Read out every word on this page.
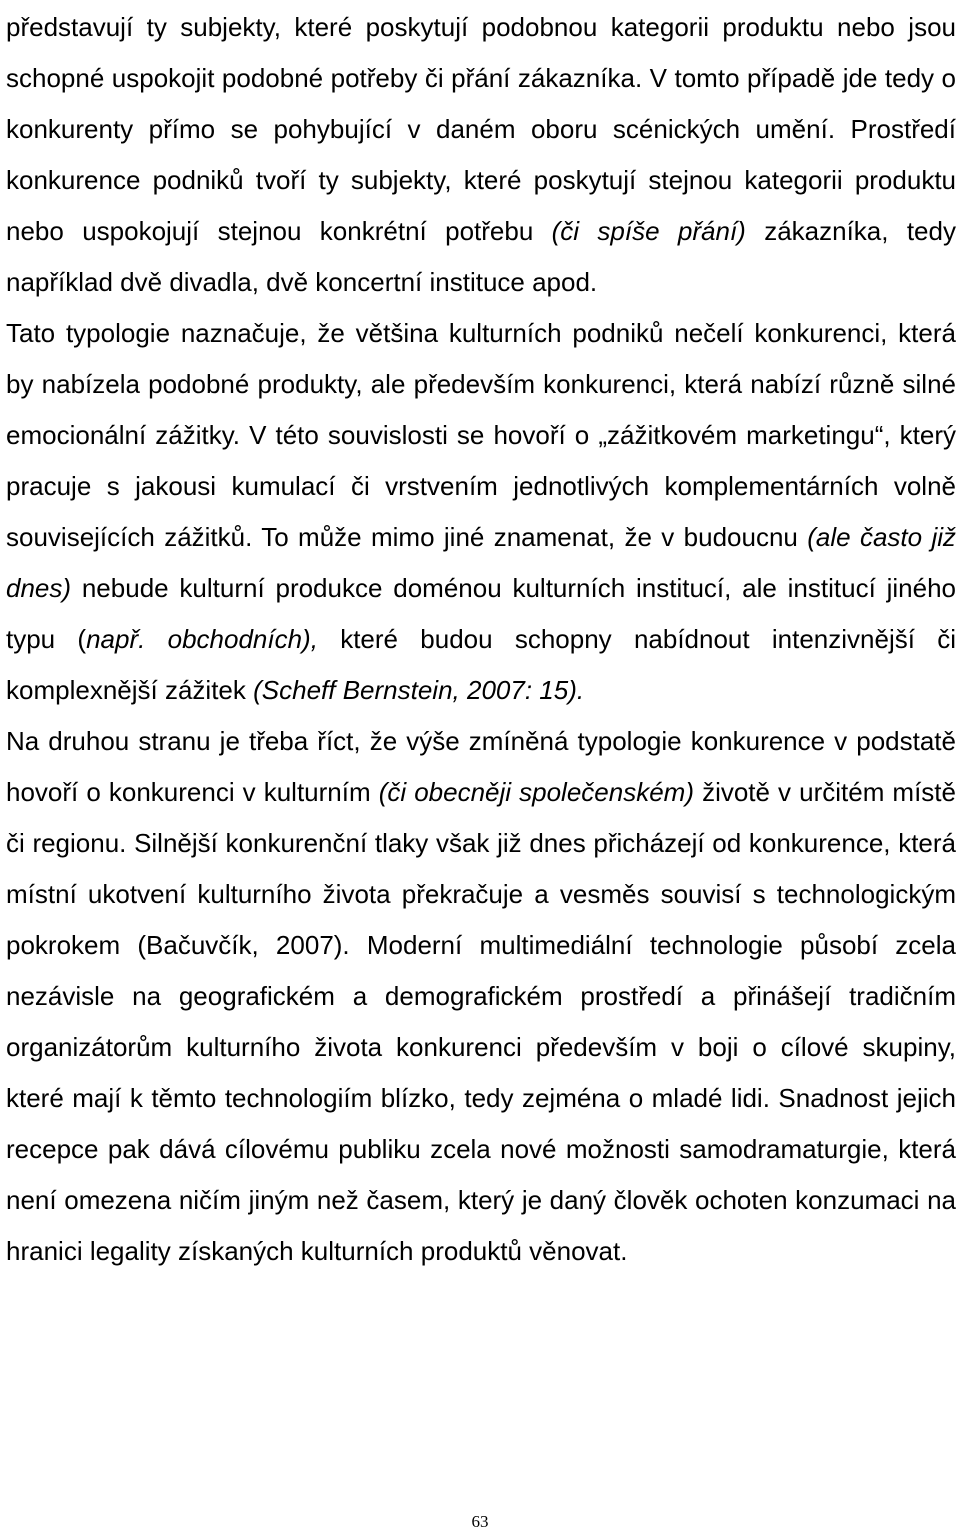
představují ty subjekty, které poskytují podobnou kategorii produktu nebo jsou schopné uspokojit podobné potřeby či přání zákazníka. V tomto případě jde tedy o konkurenty přímo se pohybující v daném oboru scénických umění. Prostředí konkurence podniků tvoří ty subjekty, které poskytují stejnou kategorii produktu nebo uspokojují stejnou konkrétní potřebu (či spíše přání) zákazníka, tedy například dvě divadla, dvě koncertní instituce apod.

Tato typologie naznačuje, že většina kulturních podniků nečelí konkurenci, která by nabízela podobné produkty, ale především konkurenci, která nabízí různě silné emocionální zážitky. V této souvislosti se hovoří o „zážitkovém marketingu“, který pracuje s jakousi kumulací či vrstvením jednotlivých komplementárních volně souvisejících zážitků. To může mimo jiné znamenat, že v budoucnu (ale často již dnes) nebude kulturní produkce doménou kulturních institucí, ale institucí jiného typu (např. obchodních), které budou schopny nabídnout intenzivnější či komplexnější zážitek (Scheff Bernstein, 2007: 15).

Na druhou stranu je třeba říct, že výše zmíněná typologie konkurence v podstatě hovoří o konkurenci v kulturním (či obecněji společenském) životě v určitém místě či regionu. Silnější konkurenční tlaky však již dnes přicházejí od konkurence, která místní ukotvení kulturního života překračuje a vesměs souvisí s technologickým pokrokem (Bačuvčík, 2007). Moderní multimediální technologie působí zcela nezávisle na geografickém a demografickém prostředí a přinášejí tradičním organizátorům kulturního života konkurenci především v boji o cílové skupiny, které mají k těmto technologiím blízko, tedy zejména o mladé lidi. Snadnost jejich recepce pak dává cílovému publiku zcela nové možnosti samodramaturgie, která není omezena ničím jiným než časem, který je daný člověk ochoten konzumaci na hranici legality získaných kulturních produktů věnovat.

63
